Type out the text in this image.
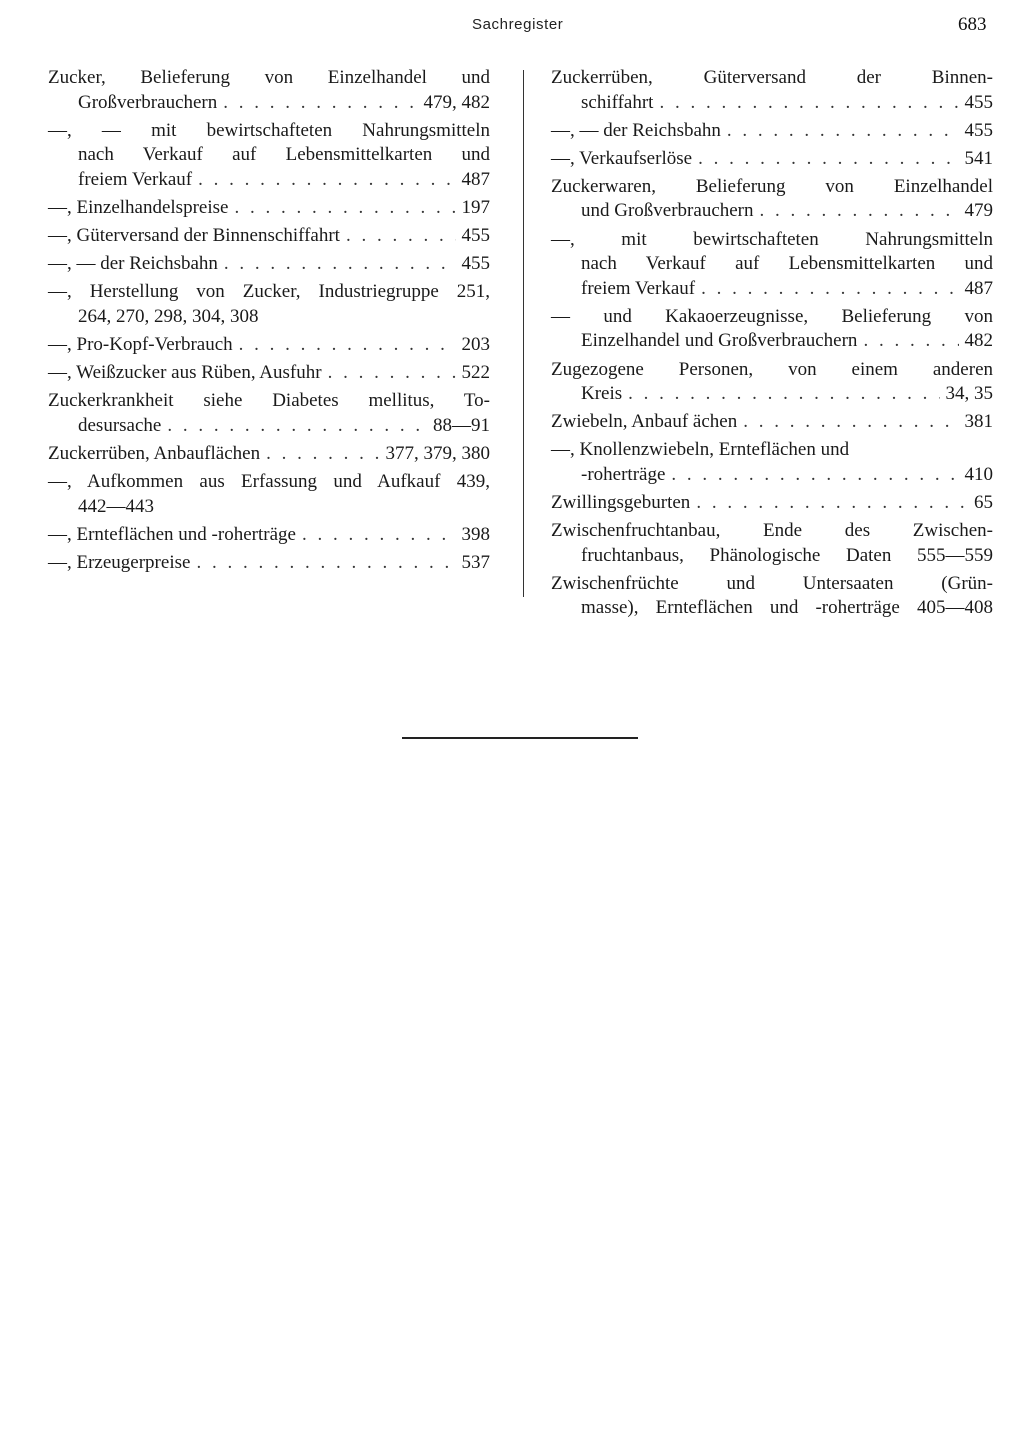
Sachregister	683
Zucker, Belieferung von Einzelhandel und
Großverbrauchern . . .	479, 482
—, — mit bewirtschafteten Nahrungsmitteln
nach Verkauf auf Lebensmittelkarten und
freiem Verkauf . . .	487
—, Einzelhandelspreise . . .	197
—, Güterversand der Binnenschiffahrt . . .	455
—, — der Reichsbahn . . .	455
—, Herstellung von Zucker, Industriegruppe 251,
264, 270, 298, 304, 308
—, Pro-Kopf-Verbrauch . . .	203
—, Weißzucker aus Rüben, Ausfuhr . . .	522
Zuckerkrankheit siehe Diabetes mellitus, To-
desursache . . .	88—91
Zuckerrüben, Anbauflächen . . .	377, 379, 380
—, Aufkommen aus Erfassung und Aufkauf 439,
442—443
—, Ernteflächen und -roherträge . . .	398
—, Erzeugerpreise . . .	537
Zuckerrüben, Güterversand der Binnen-
schiffahrt . . .	455
—, — der Reichsbahn . . .	455
—, Verkaufserlöse . . .	541
Zuckerwaren, Belieferung von Einzelhandel
und Großverbrauchern . . .	479
—, mit bewirtschafteten Nahrungsmitteln
nach Verkauf auf Lebensmittelkarten und
freiem Verkauf . . .	487
— und Kakaoerzeugnisse, Belieferung von
Einzelhandel und Großverbrauchern . . .	482
Zugezogene Personen, von einem anderen
Kreis . . .	34, 35
Zwiebeln, Anbauf ächen . . .	381
—, Knollenzwiebeln, Ernteflächen und
-roherträge . . .	410
Zwillingsgeburten . . .	65
Zwischenfruchtanbau, Ende des Zwischen-
fruchtanbaus, Phänologische Daten 555—559
Zwischenfrüchte und Untersaaten (Grün-
masse), Ernteflächen und -roherträge 405—408
